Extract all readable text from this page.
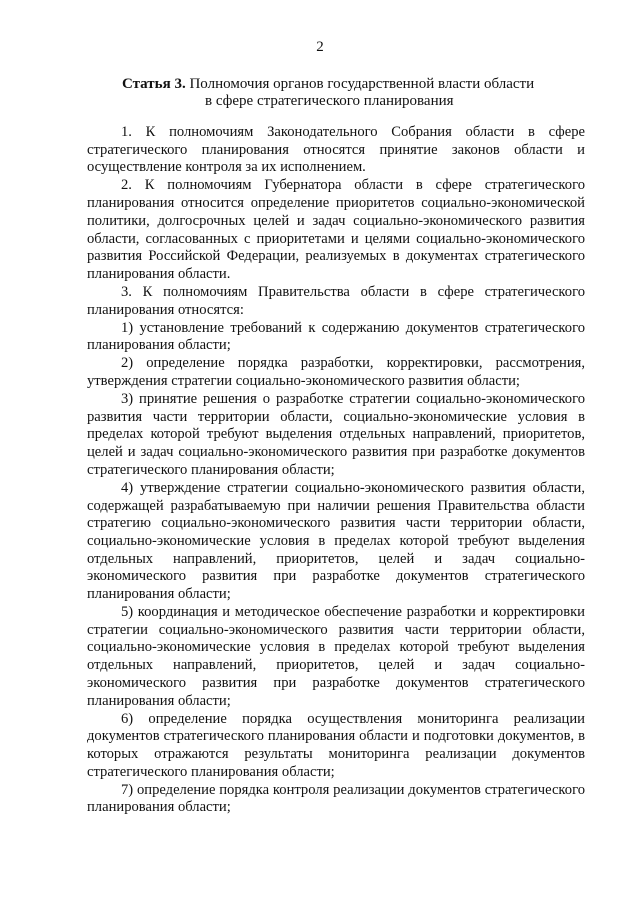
2
Статья 3. Полномочия органов государственной власти области
в сфере стратегического планирования

1. К полномочиям Законодательного Собрания области в сфере стратегического планирования относятся принятие законов области и осуществление контроля за их исполнением.

2. К полномочиям Губернатора области в сфере стратегического планирования относится определение приоритетов социально-экономической политики, долгосрочных целей и задач социально-экономического развития области, согласованных с приоритетами и целями социально-экономического развития Российской Федерации, реализуемых в документах стратегического планирования области.

3. К полномочиям Правительства области в сфере стратегического планирования относятся:

1) установление требований к содержанию документов стратегического планирования области;

2) определение порядка разработки, корректировки, рассмотрения, утверждения стратегии социально-экономического развития области;

3) принятие решения о разработке стратегии социально-экономического развития части территории области, социально-экономические условия в пределах которой требуют выделения отдельных направлений, приоритетов, целей и задач социально-экономического развития при разработке документов стратегического планирования области;

4) утверждение стратегии социально-экономического развития области, содержащей разрабатываемую при наличии решения Правительства области стратегию социально-экономического развития части территории области, социально-экономические условия в пределах которой требуют выделения отдельных направлений, приоритетов, целей и задач социально-экономического развития при разработке документов стратегического планирования области;

5) координация и методическое обеспечение разработки и корректировки стратегии социально-экономического развития части территории области, социально-экономические условия в пределах которой требуют выделения отдельных направлений, приоритетов, целей и задач социально-экономического развития при разработке документов стратегического планирования области;

6) определение порядка осуществления мониторинга реализации документов стратегического планирования области и подготовки документов, в которых отражаются результаты мониторинга реализации документов стратегического планирования области;

7) определение порядка контроля реализации документов стратегического планирования области;
